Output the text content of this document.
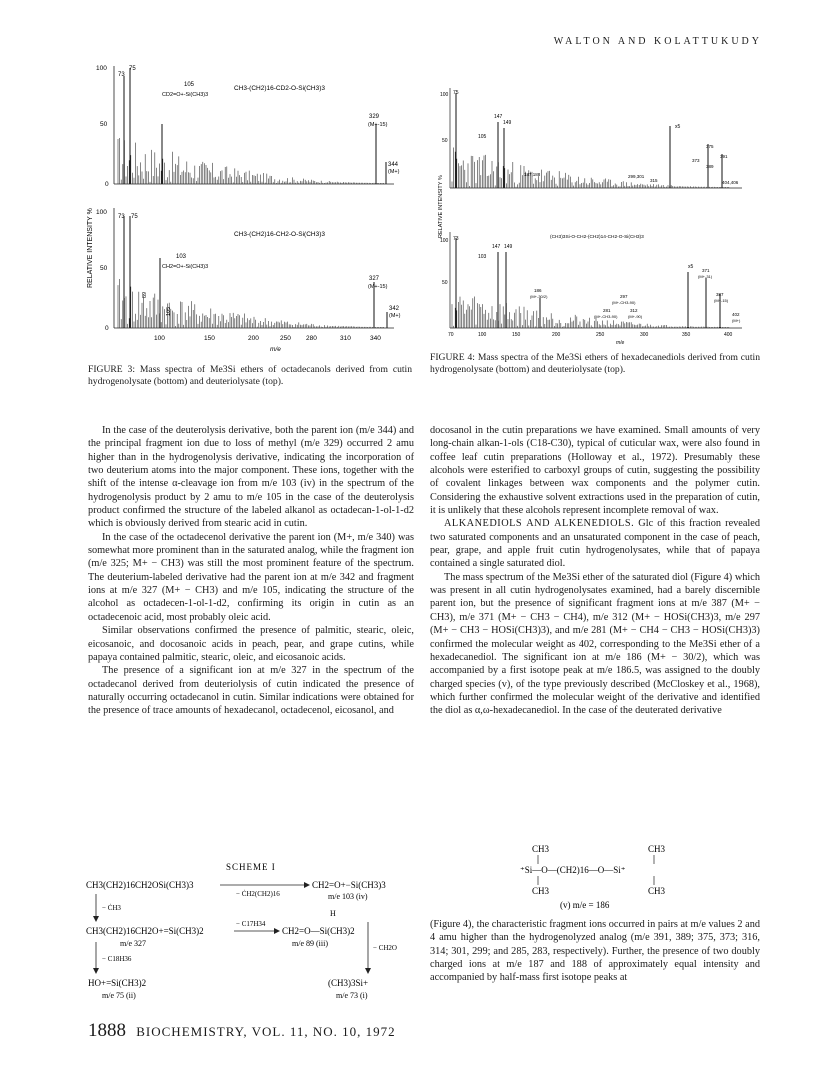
WALTON AND KOLATTUKUDY
RELATIVE INTENSITY %
100
50
0
73
75
105
CD2=O+-Si(CH3)3
CH3-(CH2)16-CD2-O-Si(CH3)3
329
(M+-15)
344
(M+)
100
50
0
73 75
103
CH2=O+-Si(CH3)3
89
105
CH3-(CH2)16-CH2-O-Si(CH3)3
327
(M+-15)
342
(M+)
100	150	200	250 280	310	340
m/e
FIGURE 3: Mass spectra of Me3Si ethers of octadecanols derived from cutin hydrogenolysate (bottom) and deuteriolysate (top).
RELATIVE INTENSITY %
100 75
147
149
50
105
187,188	299,301
315
373
375
389
391
404,406
x5
(CH3)3Si-O-CH2-(CH2)14-CH2-O-Si(CH3)3
100 73
147 149
50
103
186
(M+-30/2)	297
(M+-CH3-90)
281
(M+-CH3-90)
312
(M+-90)
x5
371
(M+-31)
387
(M+-15)
402
(M+)
70	100	150	200	250	300	350	400
m/e
FIGURE 4: Mass spectra of the Me3Si ethers of hexadecanediols derived from cutin hydrogenolysate (bottom) and deuteriolysate (top).

In the case of the deuterolysis derivative, both the parent ion (m/e 344) and the principal fragment ion due to loss of methyl (m/e 329) occurred 2 amu higher than in the hydrogenolysis derivative, indicating the incorporation of two deuterium atoms into the major component. These ions, together with the shift of the intense α-cleavage ion from m/e 103 (iv) in the spectrum of the hydrogenolysis product by 2 amu to m/e 105 in the case of the deuterolysis product confirmed the structure of the labeled alkanol as octadecan-1-ol-1-d2 which is obviously derived from stearic acid in cutin.

In the case of the octadecenol derivative the parent ion (M+, m/e 340) was somewhat more prominent than in the saturated analog, while the fragment ion (m/e 325; M+ − CH3) was still the most prominent feature of the spectrum. The deuterium-labeled derivative had the parent ion at m/e 342 and fragment ions at m/e 327 (M+ − CH3) and m/e 105, indicating the structure of the alcohol as octadecen-1-ol-1-d2, confirming its origin in cutin as an octadecenoic acid, most probably oleic acid.

Similar observations confirmed the presence of palmitic, stearic, oleic, eicosanoic, and docosanoic acids in peach, pear, and grape cutins, while papaya contained palmitic, stearic, oleic, and eicosanoic acids.

The presence of a significant ion at m/e 327 in the spectrum of the octadecanol derived from deuteriolysis of cutin indicated the presence of naturally occurring octadecanol in cutin. Similar indications were obtained for the presence of trace amounts of hexadecanol, octadecenol, eicosanol, and

docosanol in the cutin preparations we have examined. Small amounts of very long-chain alkan-1-ols (C18-C30), typical of cuticular wax, were also found in coffee leaf cutin preparations (Holloway et al., 1972). Presumably these alcohols were esterified to carboxyl groups of cutin, suggesting the possibility of covalent linkages between wax components and the polymer cutin. Considering the exhaustive solvent extractions used in the preparation of cutin, it is unlikely that these alcohols represent incomplete removal of wax.

ALKANEDIOLS AND ALKENEDIOLS. Glc of this fraction revealed two saturated components and an unsaturated component in the case of peach, pear, grape, and apple fruit cutin hydrogenolysates, while that of papaya contained a single saturated diol.

The mass spectrum of the Me3Si ether of the saturated diol (Figure 4) which was present in all cutin hydrogenolysates examined, had a barely discernible parent ion, but the presence of significant fragment ions at m/e 387 (M+ − CH3), m/e 371 (M+ − CH3 − CH4), m/e 312 (M+ − HOSi(CH3)3, m/e 297 (M+ − CH3 − HOSi(CH3)3), and m/e 281 (M+ − CH4 − CH3 − HOSi(CH3)3) confirmed the molecular weight as 402, corresponding to the Me3Si ether of a hexadecanediol. The significant ion at m/e 186 (M+ − 30/2), which was accompanied by a first isotope peak at m/e 186.5, was assigned to the doubly charged species (v), of the type previously described (McCloskey et al., 1968), which further confirmed the molecular weight of the derivative and identified the diol as α,ω-hexadecanediol. In the case of the deuterated derivative

CH3	CH3
⁺Si—O—(CH2)16—O—Si⁺
CH3	CH3
(v) m/e = 186

(Figure 4), the characteristic fragment ions occurred in pairs at m/e values 2 and 4 amu higher than the hydrogenolyzed analog (m/e 391, 389; 375, 373; 316, 314; 301, 299; and 285, 283, respectively). Further, the presence of two doubly charged ions at m/e 187 and 188 of approximately equal intensity and accompanied by half-mass first isotope peaks at

SCHEME I
CH3(CH2)16CH2OSi(CH3)3
− ĊH2(CH2)16
CH2=O+−Si(CH3)3
m/e 103 (iv)
− ĊH3
H
CH3(CH2)16CH2O+=Si(CH3)2
m/e 327
− C17H34
CH2=O—Si(CH3)2
m/e 89 (iii)	− CH2O
− C18H36
HO+=Si(CH3)2
m/e 75 (ii)
(CH3)3Si+
m/e 73 (i)
1888 BIOCHEMISTRY, VOL. 11, NO. 10, 1972
